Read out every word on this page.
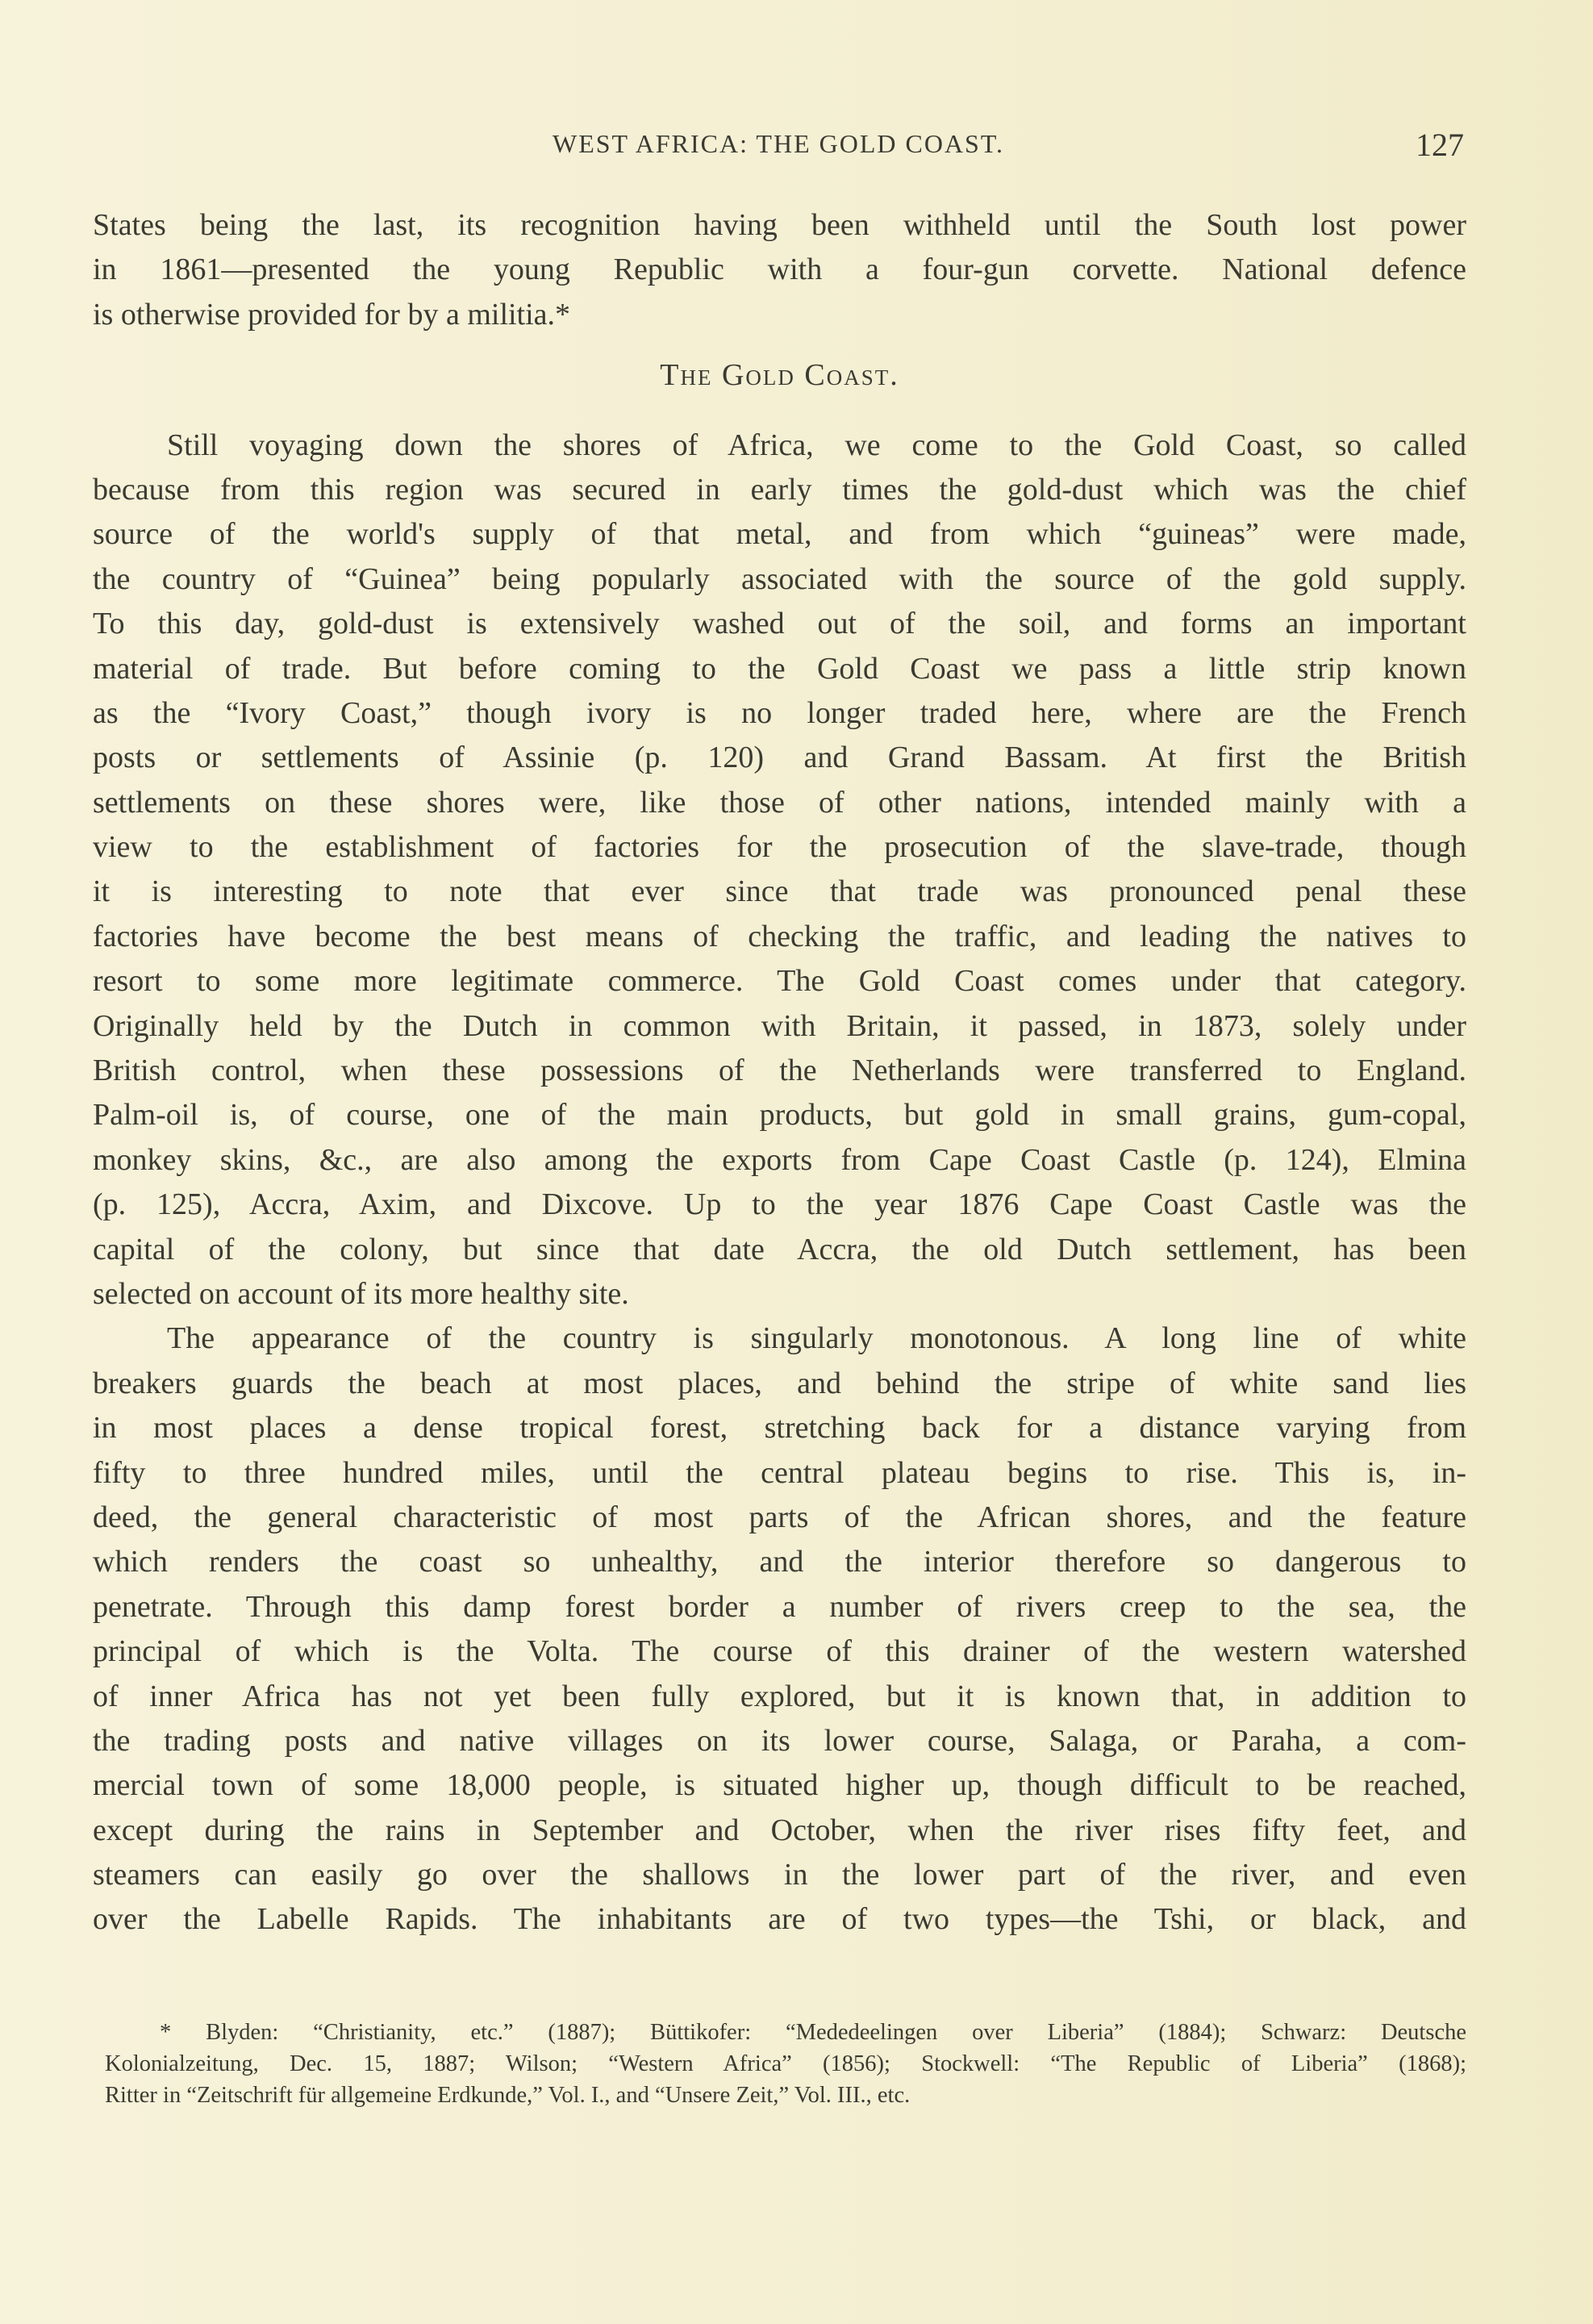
WEST AFRICA: THE GOLD COAST.	127
States being the last, its recognition having been withheld until the South lost power
in 1861—presented the young Republic with a four-gun corvette. National defence
is otherwise provided for by a militia.*
The Gold Coast.
Still voyaging down the shores of Africa, we come to the Gold Coast, so called
because from this region was secured in early times the gold-dust which was the chief
source of the world's supply of that metal, and from which “guineas” were made,
the country of “Guinea” being popularly associated with the source of the gold supply.
To this day, gold-dust is extensively washed out of the soil, and forms an important
material of trade. But before coming to the Gold Coast we pass a little strip known
as the “Ivory Coast,” though ivory is no longer traded here, where are the French
posts or settlements of Assinie (p. 120) and Grand Bassam. At first the British
settlements on these shores were, like those of other nations, intended mainly with a
view to the establishment of factories for the prosecution of the slave-trade, though
it is interesting to note that ever since that trade was pronounced penal these
factories have become the best means of checking the traffic, and leading the natives to
resort to some more legitimate commerce. The Gold Coast comes under that category.
Originally held by the Dutch in common with Britain, it passed, in 1873, solely under
British control, when these possessions of the Netherlands were transferred to England.
Palm-oil is, of course, one of the main products, but gold in small grains, gum-copal,
monkey skins, &c., are also among the exports from Cape Coast Castle (p. 124), Elmina
(p. 125), Accra, Axim, and Dixcove. Up to the year 1876 Cape Coast Castle was the
capital of the colony, but since that date Accra, the old Dutch settlement, has been
selected on account of its more healthy site.
The appearance of the country is singularly monotonous. A long line of white
breakers guards the beach at most places, and behind the stripe of white sand lies
in most places a dense tropical forest, stretching back for a distance varying from
fifty to three hundred miles, until the central plateau begins to rise. This is, in-
deed, the general characteristic of most parts of the African shores, and the feature
which renders the coast so unhealthy, and the interior therefore so dangerous to
penetrate. Through this damp forest border a number of rivers creep to the sea, the
principal of which is the Volta. The course of this drainer of the western watershed
of inner Africa has not yet been fully explored, but it is known that, in addition to
the trading posts and native villages on its lower course, Salaga, or Paraha, a com-
mercial town of some 18,000 people, is situated higher up, though difficult to be reached,
except during the rains in September and October, when the river rises fifty feet, and
steamers can easily go over the shallows in the lower part of the river, and even
over the Labelle Rapids. The inhabitants are of two types—the Tshi, or black, and
* Blyden: “Christianity, etc.” (1887); Büttikofer: “Mededeelingen over Liberia” (1884); Schwarz: Deutsche
Kolonialzeitung, Dec. 15, 1887; Wilson; “Western Africa” (1856); Stockwell: “The Republic of Liberia” (1868);
Ritter in “Zeitschrift für allgemeine Erdkunde,” Vol. I., and “Unsere Zeit,” Vol. III., etc.
